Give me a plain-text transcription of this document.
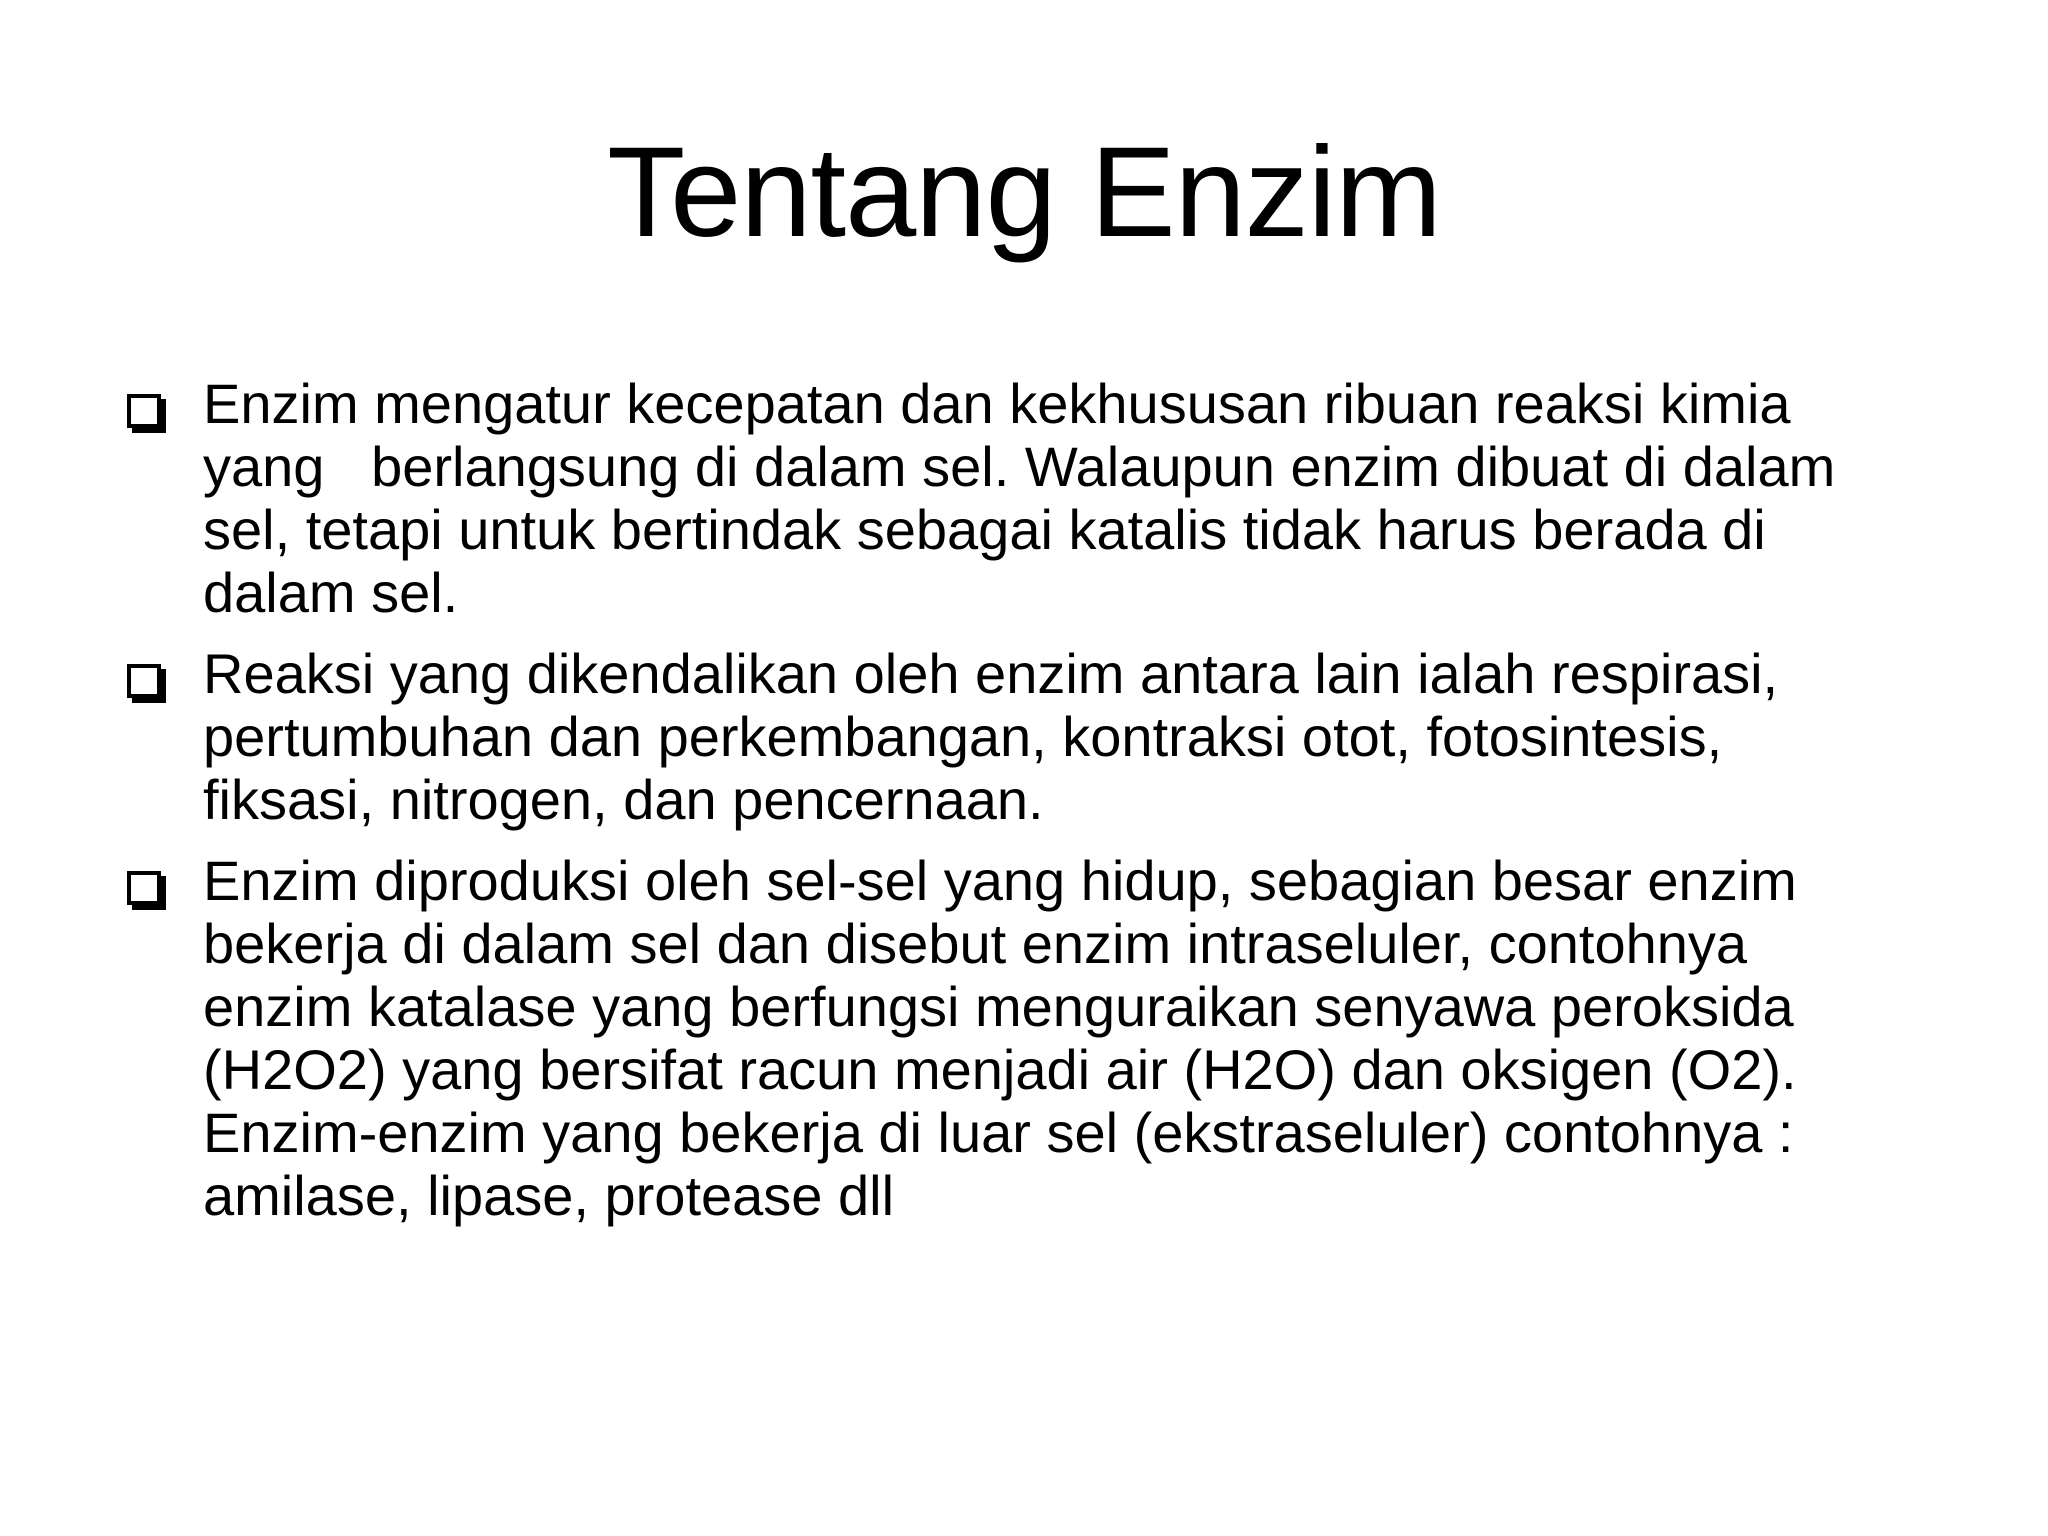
Tentang Enzim
Enzim mengatur kecepatan dan kekhususan ribuan reaksi kimia
yang   berlangsung di dalam sel. Walaupun enzim dibuat di dalam
sel, tetapi untuk bertindak sebagai katalis tidak harus berada di
dalam sel.
Reaksi yang dikendalikan oleh enzim antara lain ialah respirasi,
pertumbuhan dan perkembangan, kontraksi otot, fotosintesis,
fiksasi, nitrogen, dan pencernaan.
Enzim diproduksi oleh sel-sel yang hidup, sebagian besar enzim
bekerja di dalam sel dan disebut enzim intraseluler, contohnya
enzim katalase yang berfungsi menguraikan senyawa peroksida
(H2O2) yang bersifat racun menjadi air (H2O) dan oksigen (O2).
Enzim-enzim yang bekerja di luar sel (ekstraseluler) contohnya :
amilase, lipase, protease dll
